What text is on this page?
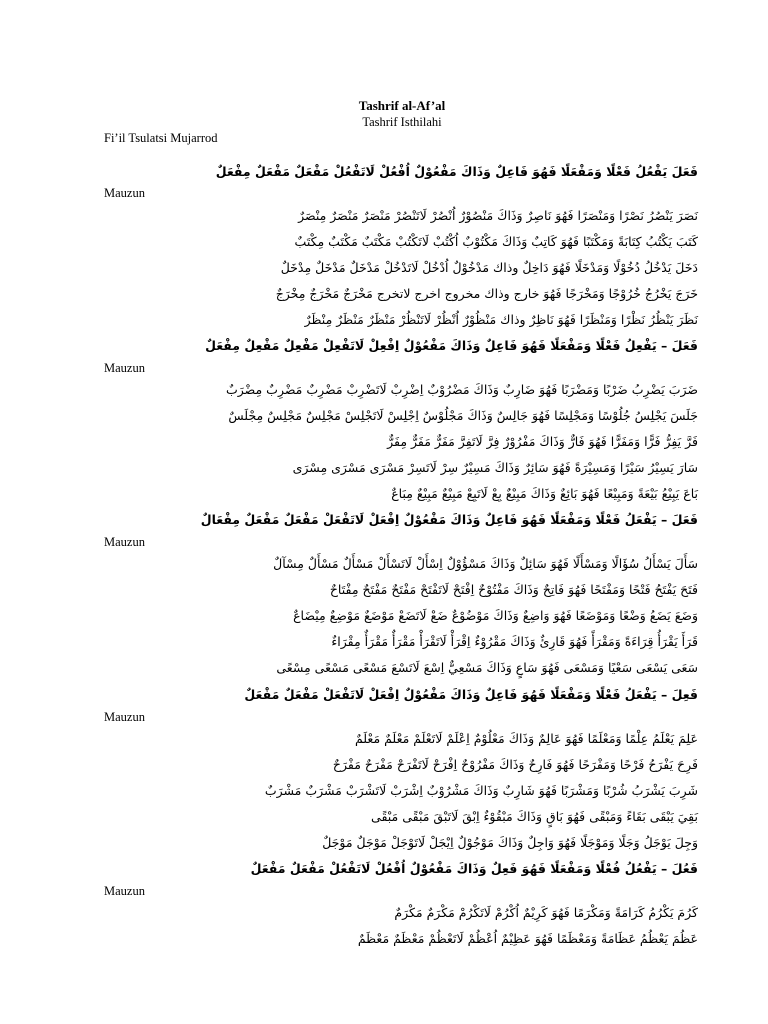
Tashrif al-Af’al
Tashrif Isthilahi
Fi’il Tsulatsi Mujarrod
فَعَلَ يَفْعُلُ فَعْلًا وَمَفْعَلًا فَهُوَ فَاعِلٌ وَذَاكَ مَفْعُوْلٌ اُفْعُلْ لَاتَفْعُلْ مَفْعَلٌ مَفْعَلٌ مِفْعَلٌ
Mauzun
نَصَرَ يَنْصُرُ نَصْرًا وَمَنْصَرًا فَهُوَ نَاصِرٌ وَذَاكَ مَنْصُوْرٌ اُنْصُرْ لَاتَنْصُرْ مَنْصَرٌ مَنْصَرٌ مِنْصَرٌ
كَتَبَ يَكْتُبُ كِتَابَةً وَمَكْتَبًا فَهُوَ كَاتِبٌ وَذَاكَ مَكْتُوْبٌ اُكْتُبْ لَاتَكْتُبْ مَكْتَبٌ مَكْتَبٌ مِكْتَبٌ
دَخَلَ يَدْخُلُ دُخُوْلًا وَمَدْخَلًا فَهُوَ دَاخِلٌ وذاك مَدْخُوْلٌ اُدْخُلْ لَاتَدْخُلْ مَدْخَلٌ مَدْخَلٌ مِدْخَلٌ
خَرَجَ يَخْرُجُ خُرُوْجًا وَمَخْرَجًا فَهُوَ خارج وذاك مخروج اخرج لاتخرج مَخْرَجٌ مَخْرَجٌ مِخْرَجٌ
نَظَرَ يَنْظُرُ نَظْرًا وَمَنْظَرًا فَهُوَ نَاظِرٌ وذاك مَنْظُوْرٌ اُنْظُرْ لَاتَنْظُرْ مَنْظَرٌ مَنْظَرٌ مِنْظَرٌ
فَعَلَ – يَفْعِلُ فَعْلًا وَمَفْعَلًا فَهُوَ فَاعِلٌ وَذَاكَ مَفْعُوْلٌ اِفْعِلْ لَاتَفْعِلْ مَفْعِلٌ مَفْعِلٌ مِفْعَلٌ
Mauzun
ضَرَبَ يَضْرِبُ ضَرْبًا وَمَضْرَبًا فَهُوَ ضَارِبٌ وَذَاكَ مَضْرُوْبٌ اِضْرِبْ لَاتَضْرِبْ مَضْرِبٌ مَضْرِبٌ مِضْرَبٌ
جَلَسَ يَجْلِسُ جُلُوْسًا وَمَجْلِسًا فَهُوَ جَالِسٌ وَذَاكَ مَجْلُوْسٌ اِجْلِسْ لَاتَجْلِسْ مَجْلِسٌ مَجْلِسٌ مِجْلَسٌ
فَرَّ يَفِرُّ فَرًّا وَمَفَرًّا فَهُوَ فَارٌّ وَذَاكَ مَفْرُوْرٌ فِرَّ لَاتَفِرَّ مَفَرٌّ مَفَرٌّ مِفَرٌّ
سَارَ يَسِيْرُ سَيْرًا وَمَسِيْرَةً فَهُوَ سَائِرٌ وَذَاكَ مَسِيْرٌ سِرْ لَاتَسِرْ مَسْرَى مَسْرَى مِسْرَى
بَاعَ يَبِيْعُ بَيْعَةً وَمَبِيْعًا فَهُوَ بَائِعٌ وَذَاكَ مَبِيْعٌ بِعْ لَاتَبِعْ مَبِيْعٌ مَبِيْعٌ مِبَاعٌ
فَعَلَ – يَفْعَلُ فَعْلًا وَمَفْعَلًا فَهُوَ فَاعِلٌ وَذَاكَ مَفْعُوْلٌ اِفْعَلْ لَاتَفْعَلْ مَفْعَلٌ مَفْعَلٌ مِفْعَالٌ
Mauzun
سَأَلَ يَسْأَلُ سُؤَالًا وَمَسْأَلًا فَهُوَ سَائِلٌ وَذَاكَ مَسْؤُوْلٌ اِسْأَلْ لَاتَسْأَلْ مَسْأَلٌ مَسْأَلٌ مِسْآلٌ
فَتَحَ يَفْتَحُ فَتْحًا وَمَفْتَحًا فَهُوَ فَاتِحٌ وَذَاكَ مَفْتُوْحٌ اِفْتَحْ لَاتَفْتَحْ مَفْتَحٌ مَفْتَحٌ مِفْتَاحٌ
وَضَعَ يَضَعُ وَضْعًا وَمَوْضَعًا فَهُوَ وَاضِعٌ وَذَاكَ مَوْضُوْعٌ ضَعْ لَاتَضَعْ مَوْضَعٌ مَوْضِعٌ مِيْضَاعٌ
قَرَأَ يَقْرَأُ قِرَاءَةً وَمَقْرَأً فَهُوَ قَارِئٌ وَذَاكَ مَقْرُوْءٌ اِقْرَأْ لَاتَقْرَأْ مَقْرَأٌ مَقْرَأٌ مِقْرَاءٌ
سَعَى يَسْعَى سَعْيًا وَمَسْعَى فَهُوَ سَاعٍ وَذَاكَ مَسْعِيٌّ اِسْعَ لَاتَسْعَ مَسْعًى مَسْعًى مِسْعًى
فَعِلَ – يَفْعَلُ فَعْلًا وَمَفْعَلًا فَهُوَ فَاعِلٌ وَذَاكَ مَفْعُوْلٌ اِفْعَلْ لَاتَفْعَلْ مَفْعَلٌ مَفْعَلٌ
Mauzun
عَلِمَ يَعْلَمُ عِلْمًا وَمَعْلَمًا فَهُوَ عَالِمٌ وَذَاكَ مَعْلُوْمٌ اِعْلَمْ لَاتَعْلَمْ مَعْلَمٌ مَعْلَمٌ
فَرِحَ يَفْرَحُ فَرْحًا وَمَفْرَحًا فَهُوَ فَارِحٌ وَذَاكَ مَفْرُوْحٌ اِفْرَحْ لَاتَفْرَحْ مَفْرَحٌ مَفْرَحٌ
شَرِبَ يَشْرَبُ شُرْبًا وَمَشْرَبًا فَهُوَ شَارِبٌ وَذَاكَ مَشْرُوْبٌ اِشْرَبْ لَاتَشْرَبْ مَشْرَبٌ مَشْرَبٌ
بَقِيَ يَبْقَى بَقَاءً وَمَبْقًى فَهُوَ بَاقٍ وَذَاكَ مَبْقُوْءٌ اِبْقَ لَاتَبْقَ مَبْقًى مَبْقًى
وَجِلَ يَوْجَلُ وَجَلًا وَمَوْجَلًا فَهُوَ وَاجِلٌ وَذَاكَ مَوْجُوْلٌ اِيْجَلْ لَاتَوْجَلْ مَوْجَلٌ مَوْجَلٌ
فَعُلَ – يَفْعُلُ فُعْلًا وَمَفْعَلًا فَهُوَ فَعِلٌ وَذَاكَ مَفْعُوْلٌ اُفْعُلْ لَاتَفْعُلْ مَفْعَلٌ مَفْعَلٌ
Mauzun
كَرُمَ يَكْرُمُ كَرَامَةً وَمَكْرَمًا فَهُوَ كَرِيْمٌ اُكْرُمْ لَاتَكْرُمْ مَكْرَمٌ مَكْرَمٌ
عَظُمَ يَعْظُمُ عَظَامَةً وَمَعْظَمًا فَهُوَ عَظِيْمٌ اُعْظُمْ لَاتَعْظُمْ مَعْظَمٌ مَعْظَمٌ
